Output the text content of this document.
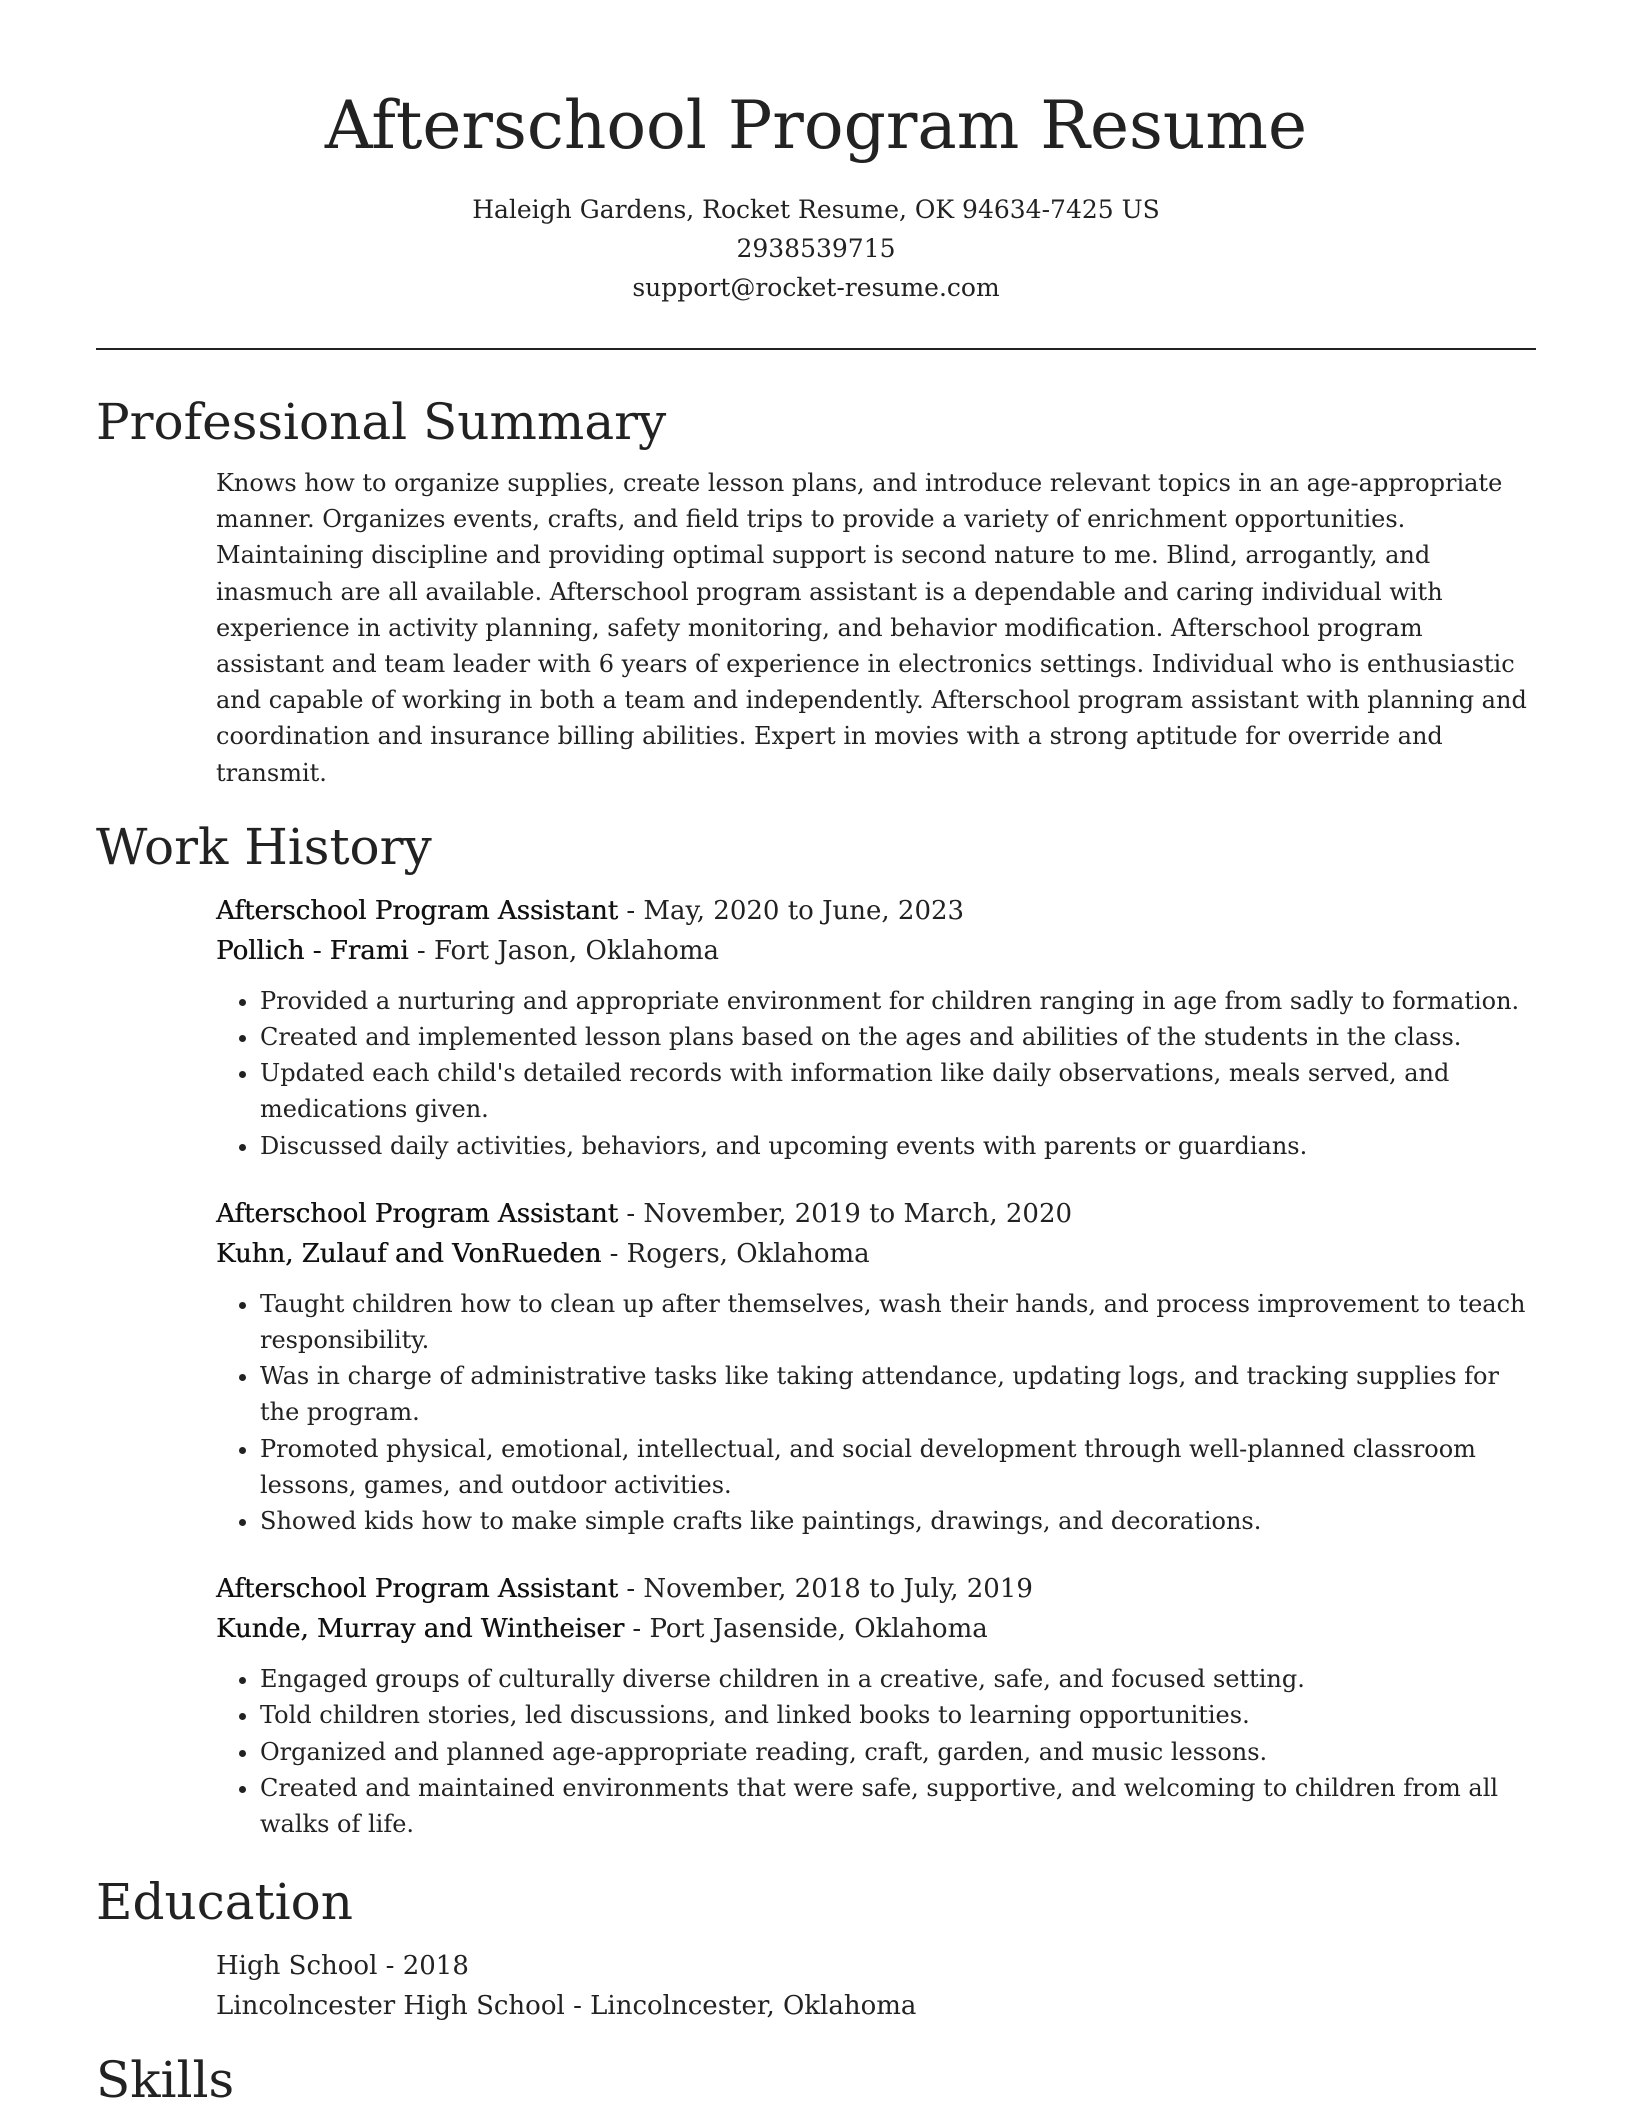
Afterschool Program Resume
Haleigh Gardens, Rocket Resume, OK 94634-7425 US
2938539715
support@rocket-resume.com
Professional Summary

Knows how to organize supplies, create lesson plans, and introduce relevant topics in an age-appropriate manner. Organizes events, crafts, and field trips to provide a variety of enrichment opportunities. Maintaining discipline and providing optimal support is second nature to me. Blind, arrogantly, and inasmuch are all available. Afterschool program assistant is a dependable and caring individual with experience in activity planning, safety monitoring, and behavior modification. Afterschool program assistant and team leader with 6 years of experience in electronics settings. Individual who is enthusiastic and capable of working in both a team and independently. Afterschool program assistant with planning and coordination and insurance billing abilities. Expert in movies with a strong aptitude for override and transmit.

Work History

Afterschool Program Assistant - May, 2020 to June, 2023

Pollich - Frami - Fort Jason, Oklahoma

• Provided a nurturing and appropriate environment for children ranging in age from sadly to formation.
• Created and implemented lesson plans based on the ages and abilities of the students in the class.
• Updated each child's detailed records with information like daily observations, meals served, and medications given.
• Discussed daily activities, behaviors, and upcoming events with parents or guardians.

Afterschool Program Assistant - November, 2019 to March, 2020

Kuhn, Zulauf and VonRueden - Rogers, Oklahoma

• Taught children how to clean up after themselves, wash their hands, and process improvement to teach responsibility.
• Was in charge of administrative tasks like taking attendance, updating logs, and tracking supplies for the program.
• Promoted physical, emotional, intellectual, and social development through well-planned classroom lessons, games, and outdoor activities.
• Showed kids how to make simple crafts like paintings, drawings, and decorations.

Afterschool Program Assistant - November, 2018 to July, 2019

Kunde, Murray and Wintheiser - Port Jasenside, Oklahoma

• Engaged groups of culturally diverse children in a creative, safe, and focused setting.
• Told children stories, led discussions, and linked books to learning opportunities.
• Organized and planned age-appropriate reading, craft, garden, and music lessons.
• Created and maintained environments that were safe, supportive, and welcoming to children from all walks of life.
Education

High School - 2018

Lincolncester High School - Lincolncester, Oklahoma

Skills
